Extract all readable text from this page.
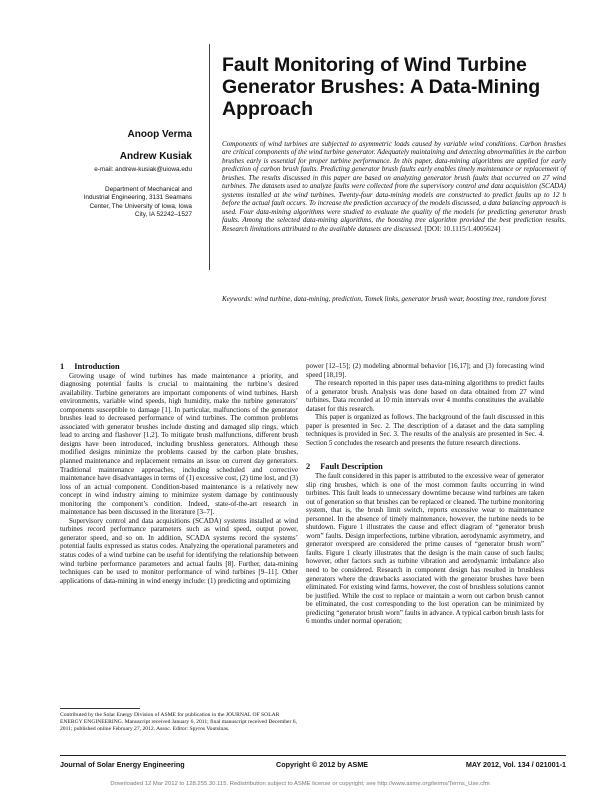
Fault Monitoring of Wind Turbine Generator Brushes: A Data-Mining Approach
Anoop Verma
Andrew Kusiak
e-mail: andrew-kusiak@uiowa.edu
Department of Mechanical and Industrial Engineering, 3131 Seamans Center, The University of Iowa, Iowa City, IA 52242–1527

Components of wind turbines are subjected to asymmetric loads caused by variable wind conditions. Carbon brushes are critical components of the wind turbine generator. Adequately maintaining and detecting abnormalities in the carbon brushes early is essential for proper turbine performance. In this paper, data-mining algorithms are applied for early prediction of carbon brush faults. Predicting generator brush faults early enables timely maintenance or replacement of brushes. The results discussed in this paper are based on analyzing generator brush faults that occurred on 27 wind turbines. The datasets used to analyze faults were collected from the supervisory control and data acquisition (SCADA) systems installed at the wind turbines. Twenty-four data-mining models are constructed to predict faults up to 12 h before the actual fault occurs. To increase the prediction accuracy of the models discussed, a data balancing approach is used. Four data-mining algorithms were studied to evaluate the quality of the models for predicting generator brush faults. Among the selected data-mining algorithms, the boosting tree algorithm provided the best prediction results. Research limitations attributed to the available datasets are discussed. [DOI: 10.1115/1.4005624]

Keywords: wind turbine, data-mining, prediction, Tomek links, generator brush wear, boosting tree, random forest

1 Introduction

Growing usage of wind turbines has made maintenance a priority, and diagnosing potential faults is crucial to maintaining the turbine’s desired availability. Turbine generators are important components of wind turbines. Harsh environments, variable wind speeds, high humidity, make the turbine generators’ components susceptible to damage [1]. In particular, malfunctions of the generator brushes lead to decreased performance of wind turbines. The common problems associated with generator brushes include dusting and damaged slip rings, which lead to arcing and flashover [1,2]. To mitigate brush malfunctions, different brush designs have been introduced, including brushless generators. Although these modified designs minimize the problems caused by the carbon plate brushes, planned maintenance and replacement remains an issue on current day generators. Traditional maintenance approaches, including scheduled and corrective maintenance have disadvantages in terms of (1) excessive cost, (2) time lost, and (3) loss of an actual component. Condition-based maintenance is a relatively new concept in wind industry aiming to minimize system damage by continuously monitoring the component’s condition. Indeed, state-of-the-art research in maintenance has been discussed in the literature [3–7].

Supervisory control and data acquisitions (SCADA) systems installed at wind turbines record performance parameters such as wind speed, output power, generator speed, and so on. In addition, SCADA systems record the systems’ potential faults expressed as status codes. Analyzing the operational parameters and status codes of a wind turbine can be useful for identifying the relationship between wind turbine performance parameters and actual faults [8]. Further, data-mining techniques can be used to monitor performance of wind turbines [9–11]. Other applications of data-mining in wind energy include: (1) predicting and optimizing

power [12–15]; (2) modeling abnormal behavior [16,17]; and (3) forecasting wind speed [18,19].

The research reported in this paper uses data-mining algorithms to predict faults of a generator brush. Analysis was done based on data obtained from 27 wind turbines. Data recorded at 10 min intervals over 4 months constitutes the available dataset for this research.

This paper is organized as follows. The background of the fault discussed in this paper is presented in Sec. 2. The description of a dataset and the data sampling techniques is provided in Sec. 3. The results of the analysis are presented in Sec. 4. Section 5 concludes the research and presents the future research directions.

2 Fault Description

The fault considered in this paper is attributed to the excessive wear of generator slip ring brushes, which is one of the most common faults occurring in wind turbines. This fault leads to unnecessary downtime because wind turbines are taken out of generation so that brushes can be replaced or cleaned. The turbine monitoring system, that is, the brush limit switch, reports excessive wear to maintenance personnel. In the absence of timely maintenance, however, the turbine needs to be shutdown. Figure 1 illustrates the cause and effect diagram of “generator brush worn” faults. Design imperfections, turbine vibration, aerodynamic asymmetry, and generator overspeed are considered the prime causes of “generator brush worn” faults. Figure 1 clearly illustrates that the design is the main cause of such faults; however, other factors such as turbine vibration and aerodynamic imbalance also need to be considered. Research in component design has resulted in brushless generators where the drawbacks associated with the generator brushes have been eliminated. For existing wind farms, however, the cost of brushless solutions cannot be justified. While the cost to replace or maintain a worn out carbon brush cannot be eliminated, the cost corresponding to the lost operation can be minimized by predicting “generator brush worn” faults in advance. A typical carbon brush lasts for 6 months under normal operation;

Contributed by the Solar Energy Division of ASME for publication in the JOURNAL OF SOLAR ENERGY ENGINEERING. Manuscript received January 6, 2011; final manuscript received December 6, 2011; published online February 27, 2012. Assoc. Editor: Spyros Voutsinas.

Journal of Solar Energy Engineering	Copyright © 2012 by ASME	MAY 2012, Vol. 134 / 021001-1
Downloaded 12 Mar 2012 to 128.255.30.115. Redistribution subject to ASME license or copyright; see http://www.asme.org/terms/Terms_Use.cfm
